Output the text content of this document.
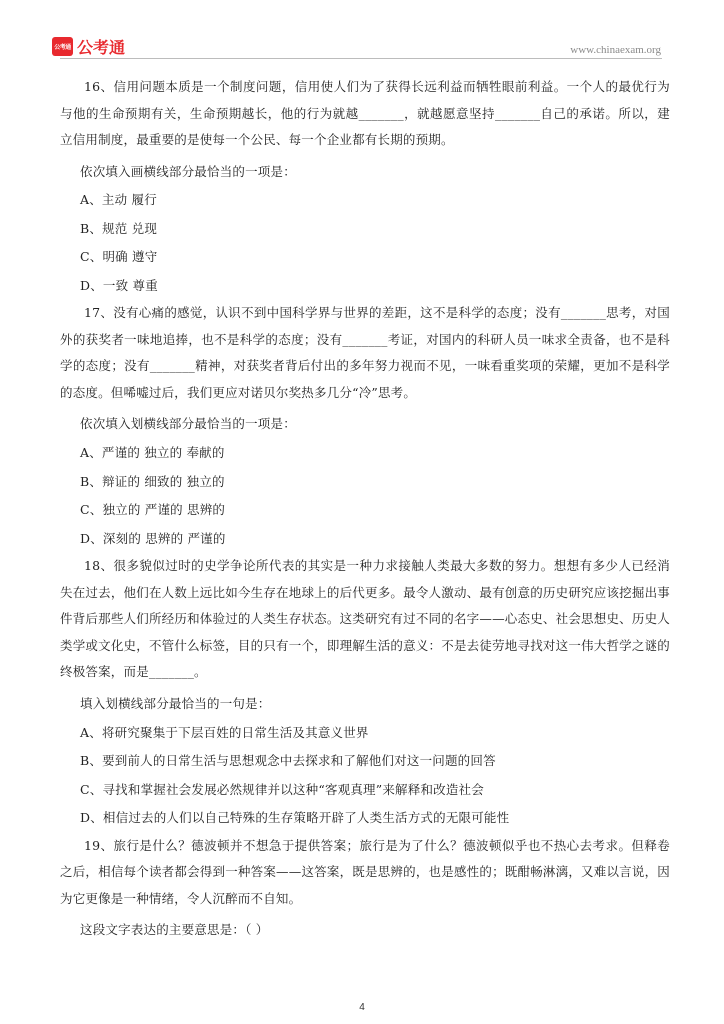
公考通 公考通	www.chinaexam.org

16、信用问题本质是一个制度问题，信用使人们为了获得长远利益而牺牲眼前利益。一个人的最优行为与他的生命预期有关，生命预期越长，他的行为就越_______，就越愿意坚持_______自己的承诺。所以，建立信用制度，最重要的是使每一个公民、每一个企业都有长期的预期。

依次填入画横线部分最恰当的一项是：

A、主动 履行

B、规范 兑现

C、明确 遵守

D、一致 尊重

17、没有心痛的感觉，认识不到中国科学界与世界的差距，这不是科学的态度；没有_______思考，对国外的获奖者一味地追捧，也不是科学的态度；没有_______考证，对国内的科研人员一味求全责备，也不是科学的态度；没有_______精神，对获奖者背后付出的多年努力视而不见，一味看重奖项的荣耀，更加不是科学的态度。但唏嘘过后，我们更应对诺贝尔奖热多几分“冷”思考。

依次填入划横线部分最恰当的一项是：

A、严谨的 独立的 奉献的

B、辩证的 细致的 独立的

C、独立的 严谨的 思辨的

D、深刻的 思辨的 严谨的

18、很多貌似过时的史学争论所代表的其实是一种力求接触人类最大多数的努力。想想有多少人已经消失在过去，他们在人数上远比如今生存在地球上的后代更多。最令人激动、最有创意的历史研究应该挖掘出事件背后那些人们所经历和体验过的人类生存状态。这类研究有过不同的名字——心态史、社会思想史、历史人类学或文化史，不管什么标签，目的只有一个，即理解生活的意义：不是去徒劳地寻找对这一伟大哲学之谜的终极答案，而是_______。

填入划横线部分最恰当的一句是：

A、将研究聚集于下层百姓的日常生活及其意义世界

B、要到前人的日常生活与思想观念中去探求和了解他们对这一问题的回答

C、寻找和掌握社会发展必然规律并以这种“客观真理”来解释和改造社会

D、相信过去的人们以自己特殊的生存策略开辟了人类生活方式的无限可能性

19、旅行是什么？德波顿并不想急于提供答案；旅行是为了什么？德波顿似乎也不热心去考求。但释卷之后，相信每个读者都会得到一种答案——这答案，既是思辨的，也是感性的；既酣畅淋漓，又难以言说，因为它更像是一种情绪，令人沉醉而不自知。

这段文字表达的主要意思是：（ ）

4
